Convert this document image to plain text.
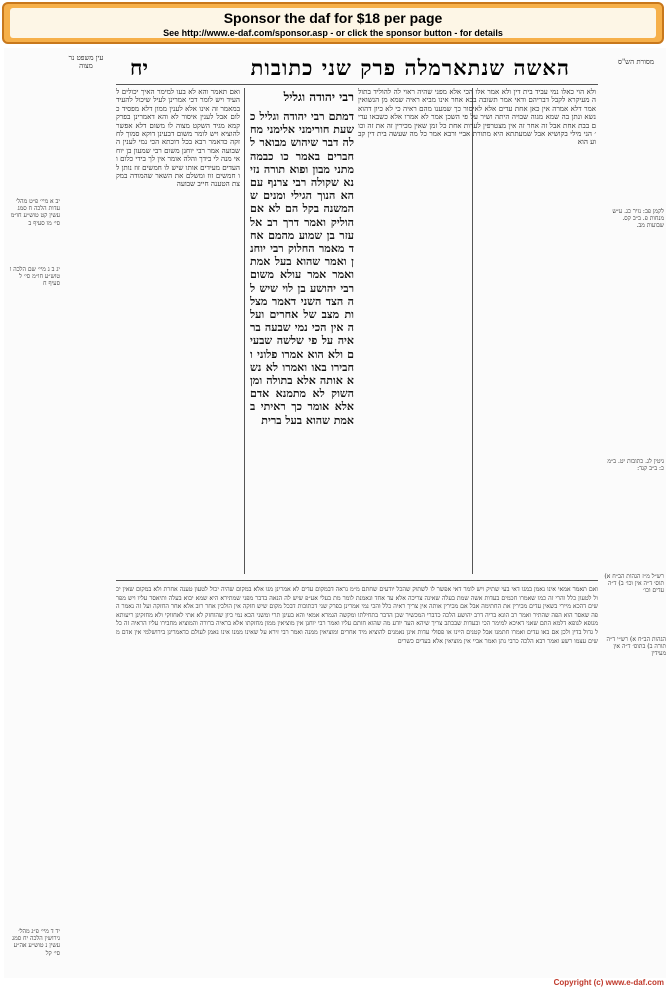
Sponsor the daf for $18 per page
See http://www.e-daf.com/sponsor.asp - or click the sponsor button - for details
האשה שנתארמלה פרק שני כתובות
יח	מסורת הש"ס
עין משפט נר מצוה
ולא הוי כאלו נמי עביד בית דין ולא אמר אלו הכי אלא מפני שהיה ראוי לה להוליד בתולה מעיקרא לקבל דבריהם ודאי אמר תשובה בבא אחר אינו מביא ראיה שמא מן הנשואין אמר דלא אמרה אין כאן אחת עדים אלא לאיסור כך שמענו מהם ראיה כי לא כיון דהוא נשא ונתן בה שמא מגוה שבויה היתה ושיר על פי השכן אמר לא אמרו אלא כשבאו עדים בבת אחת אבל זה אחר זה אין מצטרפין לעדות אחת כל זמן שאין מכירין זה את זה וכו׳ הני מילי בקושיא אבל שמעתתא היא מתורת אביי ורבא אמר כל מה שעשה בית דין קבוע הוא
רבי יהודה וגליל
דמתם רבי יהודה וגליל כשעת חורימני אלימני מחלה דבר שיהוש מבואר לחברים באמר כו כבמה מתני מבון ופוא תורה נזינא שקולה רבי צרנף עם הא הנוך הגילי ומנים שהמשנה בקל הם לא אם הוליק ואמר דרך רב אלעזר בן שמוע מהמם אחד מאמר החלוק רבי יוחנן ואמר שהוא בעל אמת ואמר אמר עולא משום רבי יהושע בן לוי שיש לה הצד השני דאמר מצלות מצב של אחרים ועלה אין הכי נמי שבעה בראיה על פי שלשה שבעים ולא הוא אמרו פלוני וחבירו באו ואמרו לא נשא אותה אלא בתולה ומן השוק לא מתמנא אדם אלא אומר כך ראיתי באמת שהוא בעל ברית
ואם תאמר והא לא בעו למימר האיך יכולים להעיד ויש לומר דכי אמרינן לעיל שיכול להעיד במאמר זה אינו אלא לענין ממון דלא מפסיד כלום אבל לענין איסור לא והא דאמרינן בפרק קמא מגיד השקט מצוה לו משום דלא אפשר להוציא ויש לומר משום דבעינן דוקא סמוך לחזקה כדאמר רבא בכל דוכתא הכי נמי לענין השבועה אמר רבי יוחנן משום רבי שמעון בן יוחאי מנה לי בידך והלה אומר אין לך בידי כלום והעדים מעידים אותו שיש לו חמשים זוז נותן לו חמשים זוז ומשלם את השאר שהמודה במקצת הטענה חייב שבועה
ואם תאמר אמאי אינו נאמן במגו דאי בעי שתיק ויש לומר דאי אפשר לו לשתוק שהכל יודעים שחתם מ״מ נראה דבמקום עדים לא אמרינן מגו אלא במקום שהיה יכול לטעון טענה אחרת ולא במקום שאין יכול לטעון כלל והרי זה כמו שאמרו חכמים בעדות אשה שמת בעלה שאינה צריכה אלא עד אחד ונאמנת לומר מת בעלי אע״פ שיש לה הנאה בדבר מפני שמתירא היא שמא יבוא בעלה ותיאסר עליו ויש מפרשים דהכא מיירי בשאין עדים מכירין את החתימה אבל אם מכירין אותה אין צריך ראיה כלל והכי נמי אמרינן בפרק שני דכתובות דבכל מקום שיש חזקה אין הולכין אחר רוב אלא אחר החזקה ועל זה נאמר הפה שאסר הוא הפה שהתיר ואמר רב הונא בריה דרב יהושע הלכה כדברי המכשיר שכן הדבר בתחילתו ומקשה הגמרא אמאי והא בעינן תרי ומשני הכא נמי כיון שהוחזק לא אתי לאחזוקי ולא מחזקינן ריעותא מגופא לגופא דלמא התם שאני דאיכא למימר הכי ובעדות שבכתב צריך שיהא העד יודע מה שהוא חותם עליו ואמר רבי יוחנן אין מוציאין ממון מחזקתו אלא בראיה ברורה והמוציא מחבירו עליו הראיה זה כלל גדול בדין ולכן אם באו עדים ואמרו חתמנו אבל קטנים היינו או פסולי עדות אינן נאמנים להוציא מיד אחרים ומוציאין ממנה ואמר רבי זירא על שאינו ממנו אינו נאמן לעולם כדאמרינן בירושלמי אין אדם משים עצמו רשע ואמר רבא הלכה כרבי נתן ואמר אביי אין מוציאין אלא בעדים כשרים
לקמן פב: נזיר כג. ע״ש מנחות פ. ב״ב קס. שבועות מב.
גיטין לג. כתובות יט. ב״מ כ: ב״ב קנד:
רש״ל מ״ז הגהות הב״ח א) תוס׳ ד״ה אין וכו׳ ב) ד״ה עדים וכו׳
הגהות הב״ח א) רש״י ד״ה תורה ב) בתוס׳ ד״ה אין מעידין
יב א מיי׳ פ״ט מהל׳ עדות הלכה ח סמג עשין קט טוש״ע חו״מ סי׳ מו סעיף ב
יג ב ג מיי׳ שם הלכה ו טוש״ע חו״מ סי׳ ל סעיף ח
יד ד מיי׳ פ״ג מהל׳ גירושין הלכה יח סמג עשין נ טוש״ע אה״ע סי׳ קל
Copyright (c) www.e-daf.com
